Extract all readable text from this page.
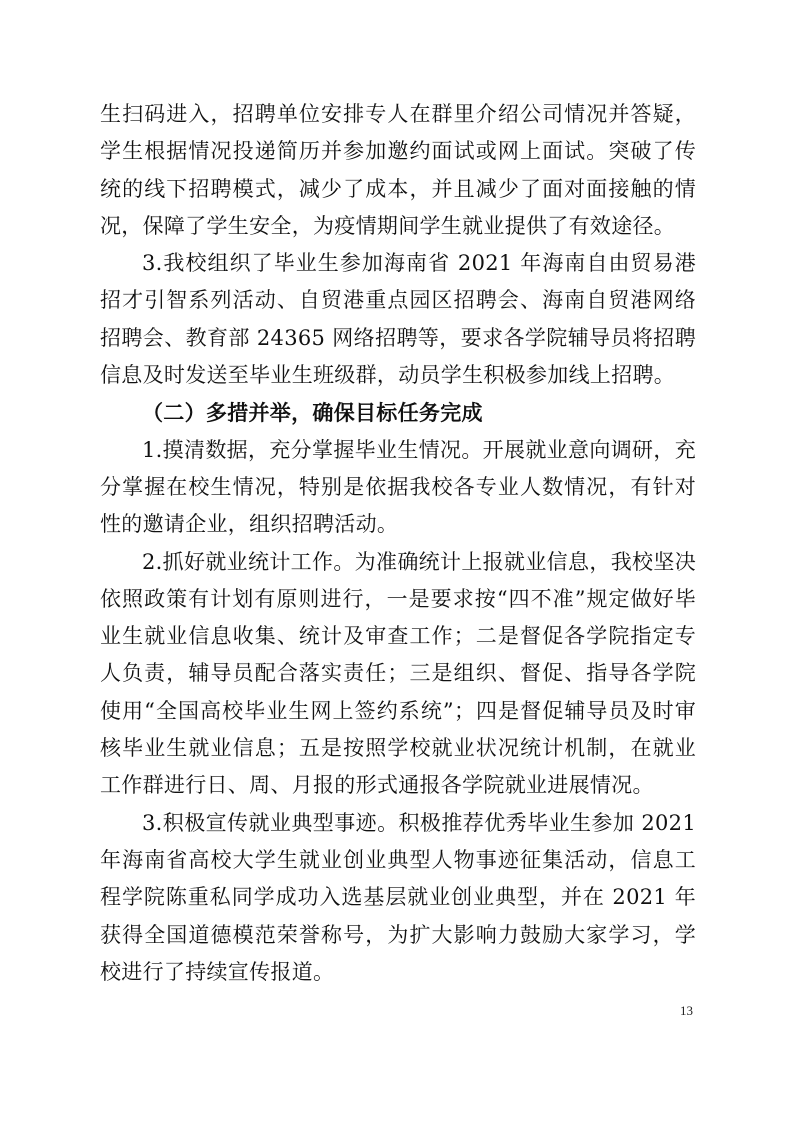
生扫码进入，招聘单位安排专人在群里介绍公司情况并答疑，学生根据情况投递简历并参加邀约面试或网上面试。突破了传统的线下招聘模式，减少了成本，并且减少了面对面接触的情况，保障了学生安全，为疫情期间学生就业提供了有效途径。

3.我校组织了毕业生参加海南省 2021 年海南自由贸易港招才引智系列活动、自贸港重点园区招聘会、海南自贸港网络招聘会、教育部 24365 网络招聘等，要求各学院辅导员将招聘信息及时发送至毕业生班级群，动员学生积极参加线上招聘。

（二）多措并举，确保目标任务完成

1.摸清数据，充分掌握毕业生情况。开展就业意向调研，充分掌握在校生情况，特别是依据我校各专业人数情况，有针对性的邀请企业，组织招聘活动。

2.抓好就业统计工作。为准确统计上报就业信息，我校坚决依照政策有计划有原则进行，一是要求按“四不准”规定做好毕业生就业信息收集、统计及审查工作；二是督促各学院指定专人负责，辅导员配合落实责任；三是组织、督促、指导各学院使用“全国高校毕业生网上签约系统”；四是督促辅导员及时审核毕业生就业信息；五是按照学校就业状况统计机制，在就业工作群进行日、周、月报的形式通报各学院就业进展情况。

3.积极宣传就业典型事迹。积极推荐优秀毕业生参加 2021 年海南省高校大学生就业创业典型人物事迹征集活动，信息工程学院陈重私同学成功入选基层就业创业典型，并在 2021 年获得全国道德模范荣誉称号，为扩大影响力鼓励大家学习，学校进行了持续宣传报道。

13
